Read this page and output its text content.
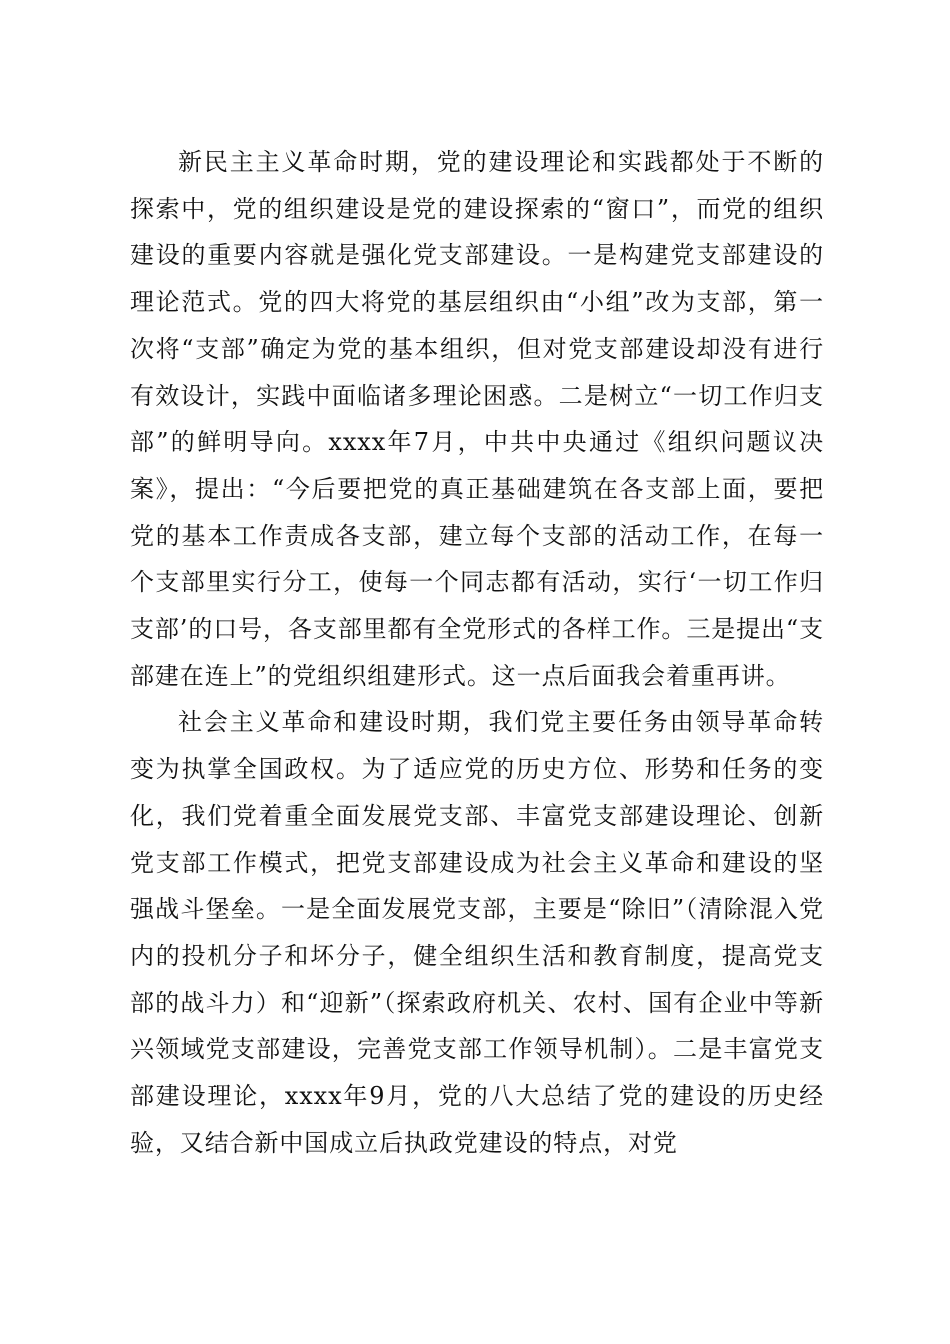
新民主主义革命时期，党的建设理论和实践都处于不断的探索中，党的组织建设是党的建设探索的“窗口”，而党的组织建设的重要内容就是强化党支部建设。一是构建党支部建设的理论范式。党的四大将党的基层组织由“小组”改为支部，第一次将“支部”确定为党的基本组织，但对党支部建设却没有进行有效设计，实践中面临诸多理论困惑。二是树立“一切工作归支部”的鲜明导向。xxxx年7月，中共中央通过《组织问题议决案》，提出：“今后要把党的真正基础建筑在各支部上面，要把党的基本工作责成各支部，建立每个支部的活动工作，在每一个支部里实行分工，使每一个同志都有活动，实行‘一切工作归支部’的口号，各支部里都有全党形式的各样工作。三是提出“支部建在连上”的党组织组建形式。这一点后面我会着重再讲。

社会主义革命和建设时期，我们党主要任务由领导革命转变为执掌全国政权。为了适应党的历史方位、形势和任务的变化，我们党着重全面发展党支部、丰富党支部建设理论、创新党支部工作模式，把党支部建设成为社会主义革命和建设的坚强战斗堡垒。一是全面发展党支部，主要是“除旧”（清除混入党内的投机分子和坏分子，健全组织生活和教育制度，提高党支部的战斗力）和“迎新”（探索政府机关、农村、国有企业中等新兴领域党支部建设，完善党支部工作领导机制）。二是丰富党支部建设理论，xxxx年9月，党的八大总结了党的建设的历史经验，又结合新中国成立后执政党建设的特点，对党
